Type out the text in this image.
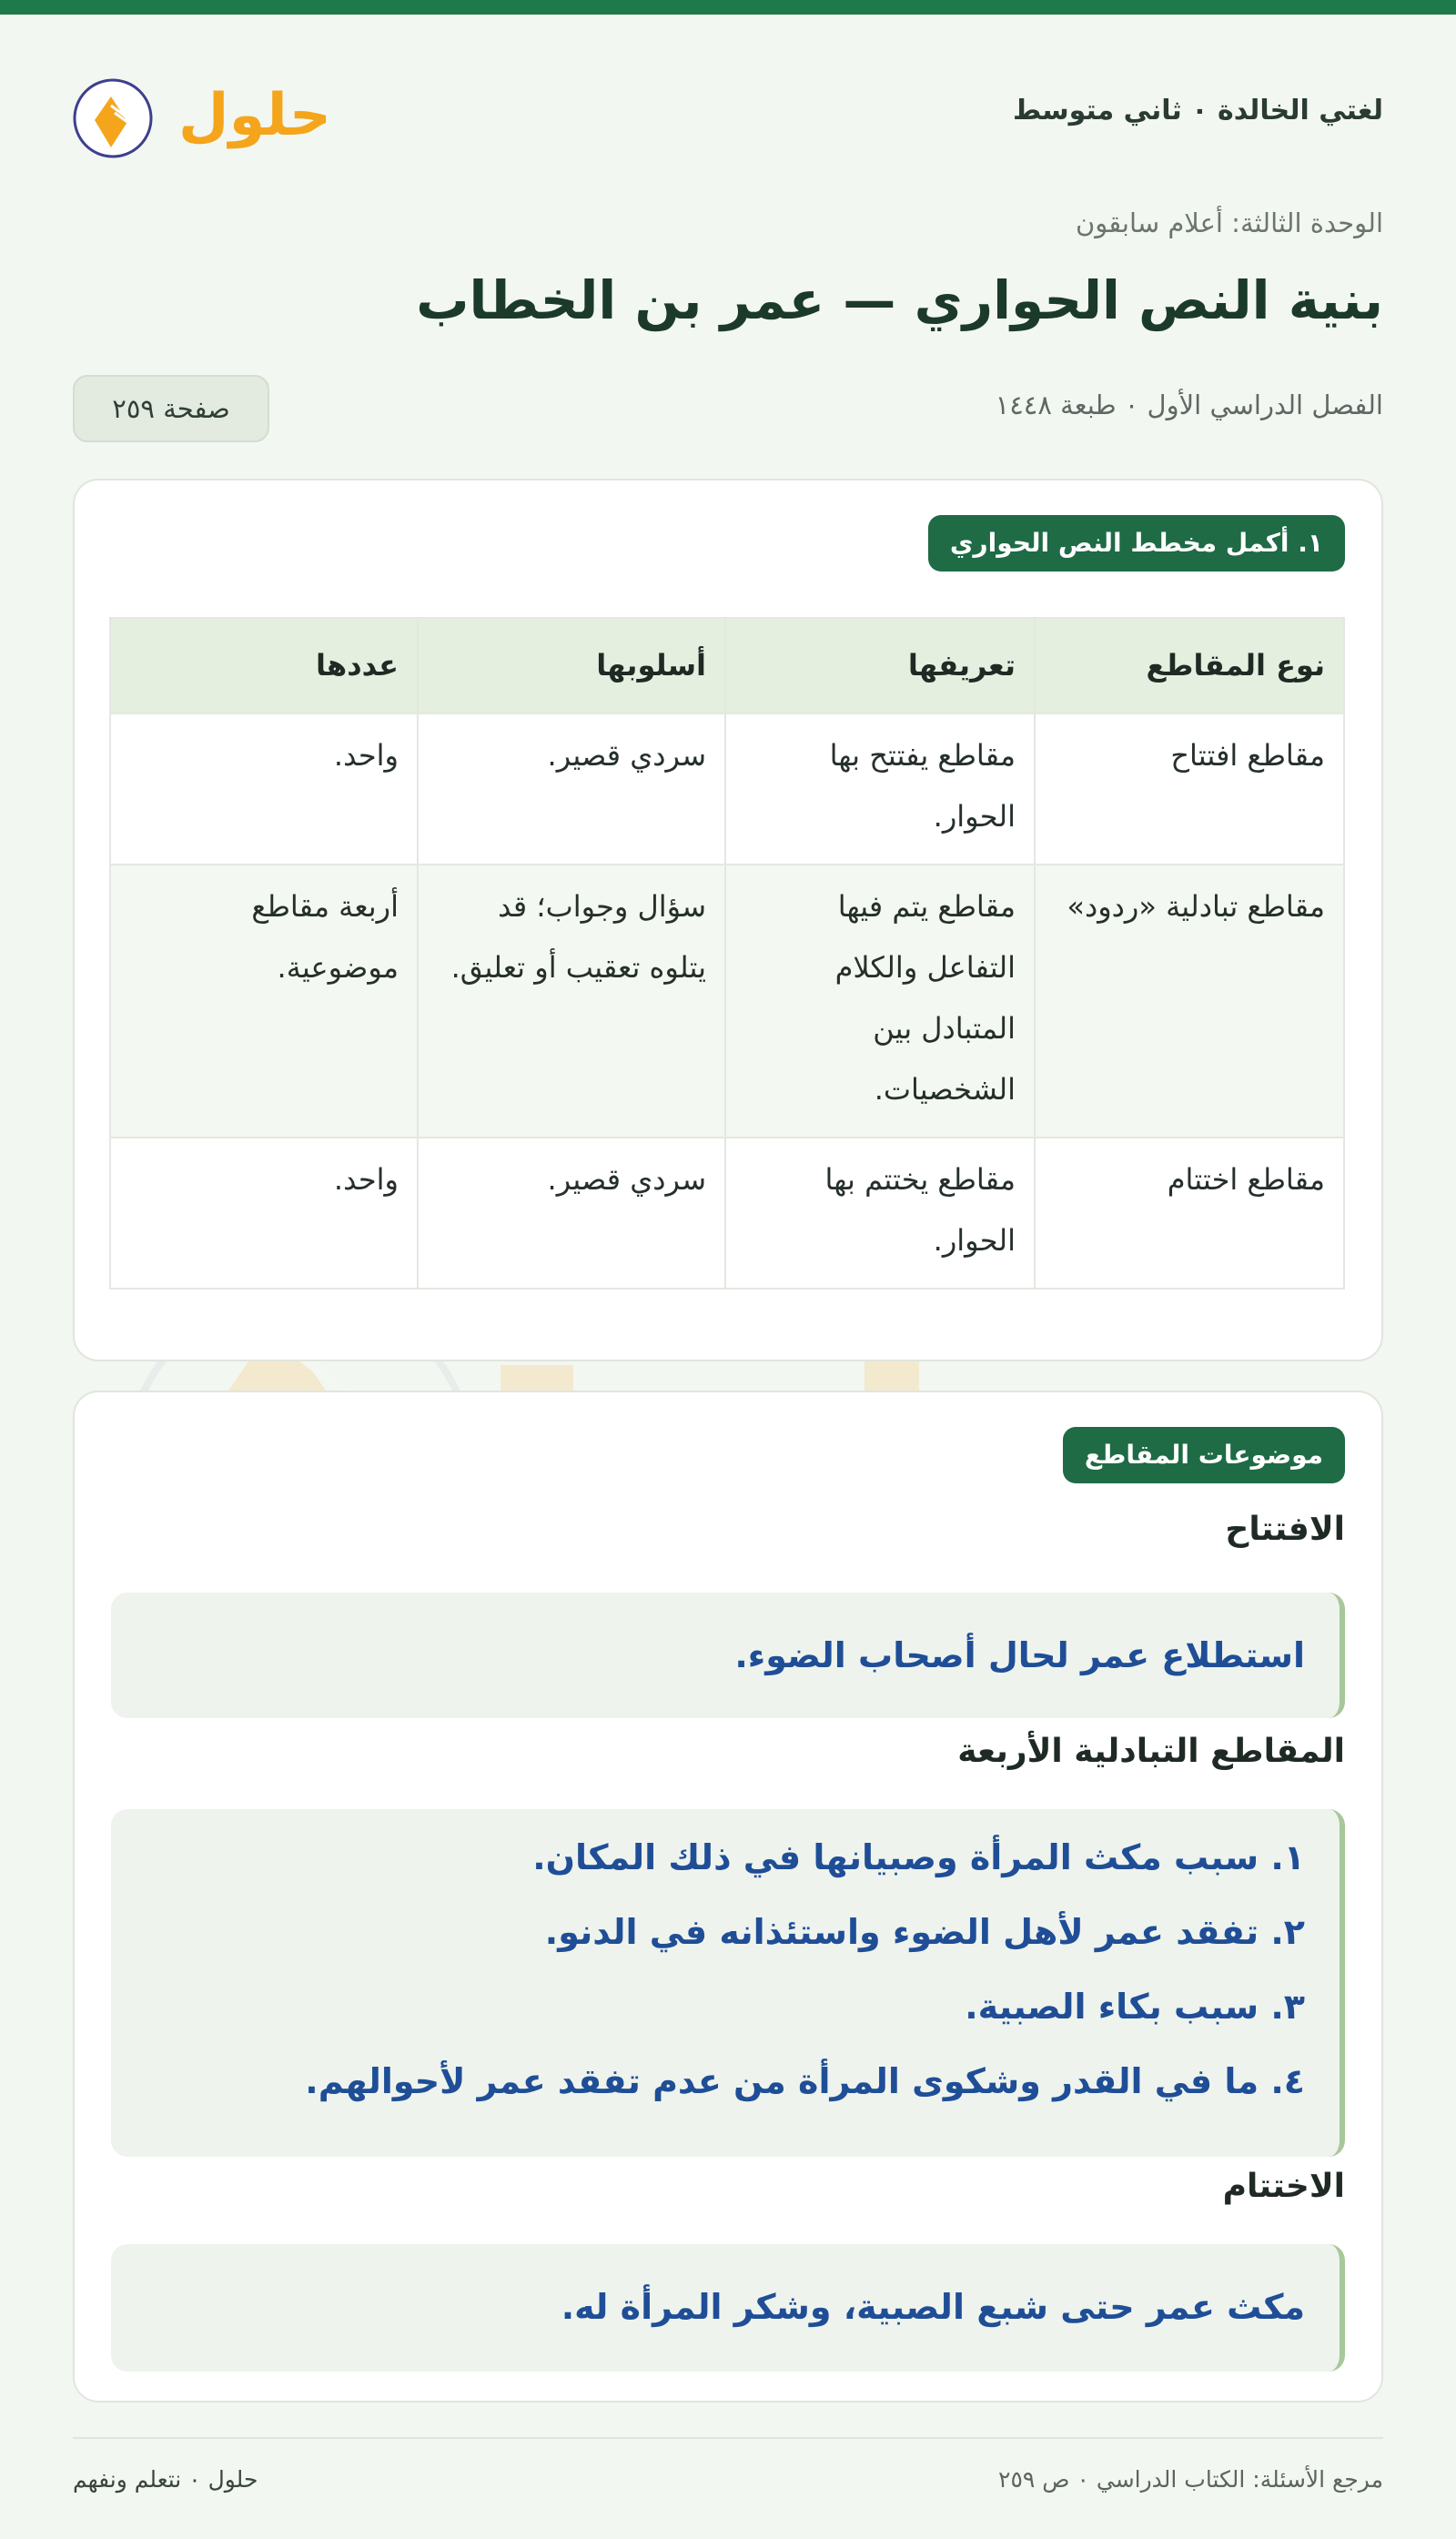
لغتي الخالدة ٠ ثاني متوسط
حلول
الوحدة الثالثة: أعلام سابقون
بنية النص الحواري — عمر بن الخطاب
الفصل الدراسي الأول ٠ طبعة ١٤٤٨
صفحة ٢٥٩
١. أكمل مخطط النص الحواري
نوع المقاطع	تعريفها	أسلوبها	عددها
مقاطع افتتاح	مقاطع يفتتح بها الحوار.	سردي قصير.	واحد.
مقاطع تبادلية «ردود»	مقاطع يتم فيها التفاعل والكلام المتبادل بين الشخصيات.	سؤال وجواب؛ قد يتلوه تعقيب أو تعليق.	أربعة مقاطع موضوعية.
مقاطع اختتام	مقاطع يختتم بها الحوار.	سردي قصير.	واحد.
موضوعات المقاطع
الافتتاح
استطلاع عمر لحال أصحاب الضوء.
المقاطع التبادلية الأربعة
١. سبب مكث المرأة وصبيانها في ذلك المكان.
٢. تفقد عمر لأهل الضوء واستئذانه في الدنو.
٣. سبب بكاء الصبية.
٤. ما في القدر وشكوى المرأة من عدم تفقد عمر لأحوالهم.
الاختتام
مكث عمر حتى شبع الصبية، وشكر المرأة له.
مرجع الأسئلة: الكتاب الدراسي ٠ ص ٢٥٩
حلول ٠ نتعلم ونفهم
